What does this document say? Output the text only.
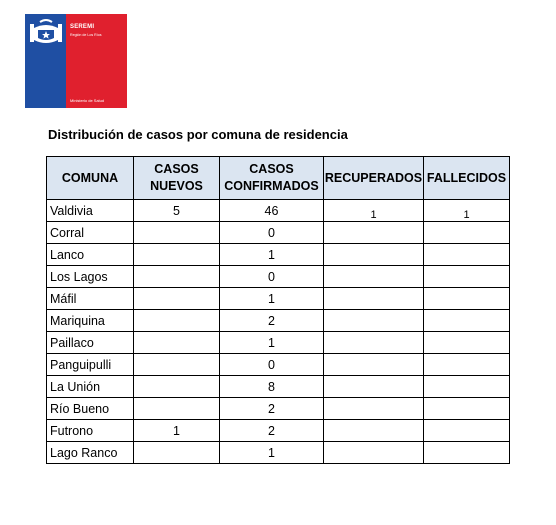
SEREMI
Región de Los Ríos
Ministerio de Salud
Distribución de casos por comuna de residencia
COMUNA	CASOS NUEVOS	CASOS CONFIRMADOS	RECUPERADOS	FALLECIDOS
Valdivia	5	46	1	1
Corral		0		
Lanco		1		
Los Lagos		0		
Máfil		1		
Mariquina		2		
Paillaco		1		
Panguipulli		0		
La Unión		8		
Río Bueno		2		
Futrono	1	2		
Lago Ranco		1		
